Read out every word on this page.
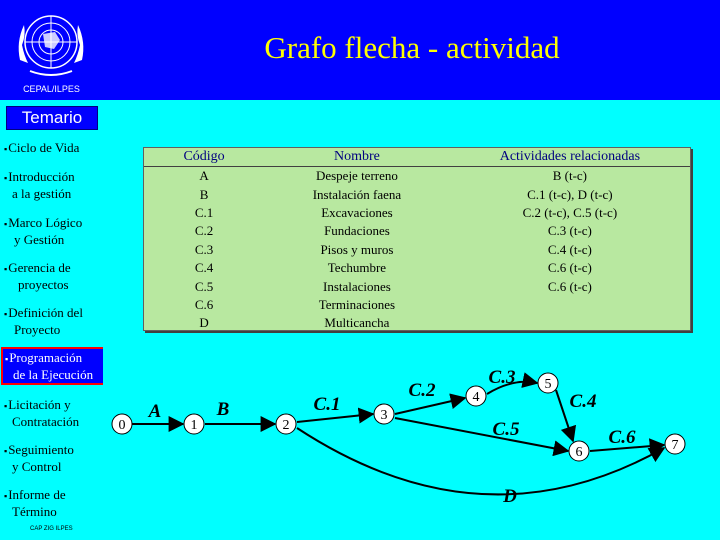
CEPAL/ILPES
Grafo flecha - actividad
Temario
▪Ciclo de Vida
▪Introducción
a la gestión
▪Marco Lógico
y Gestión
▪Gerencia de
proyectos
▪Definición del
Proyecto
▪Programación
de la Ejecución
▪Licitación y
Contratación
▪Seguimiento
y Control
▪Informe de
Término
CAP ZIG ILPES
Código	Nombre	Actividades relacionadas
A	Despeje terreno	B (t-c)
B	Instalación faena	C.1 (t-c), D (t-c)
C.1	Excavaciones	C.2 (t-c), C.5 (t-c)
C.2	Fundaciones	C.3 (t-c)
C.3	Pisos y muros	C.4 (t-c)
C.4	Techumbre	C.6 (t-c)
C.5	Instalaciones	C.6 (t-c)
C.6	Terminaciones	
D	Multicancha	
0	1	2
3
4
5
6	7
A	B	C.1
C.2
C.3
C.4
C.5	C.6
D
